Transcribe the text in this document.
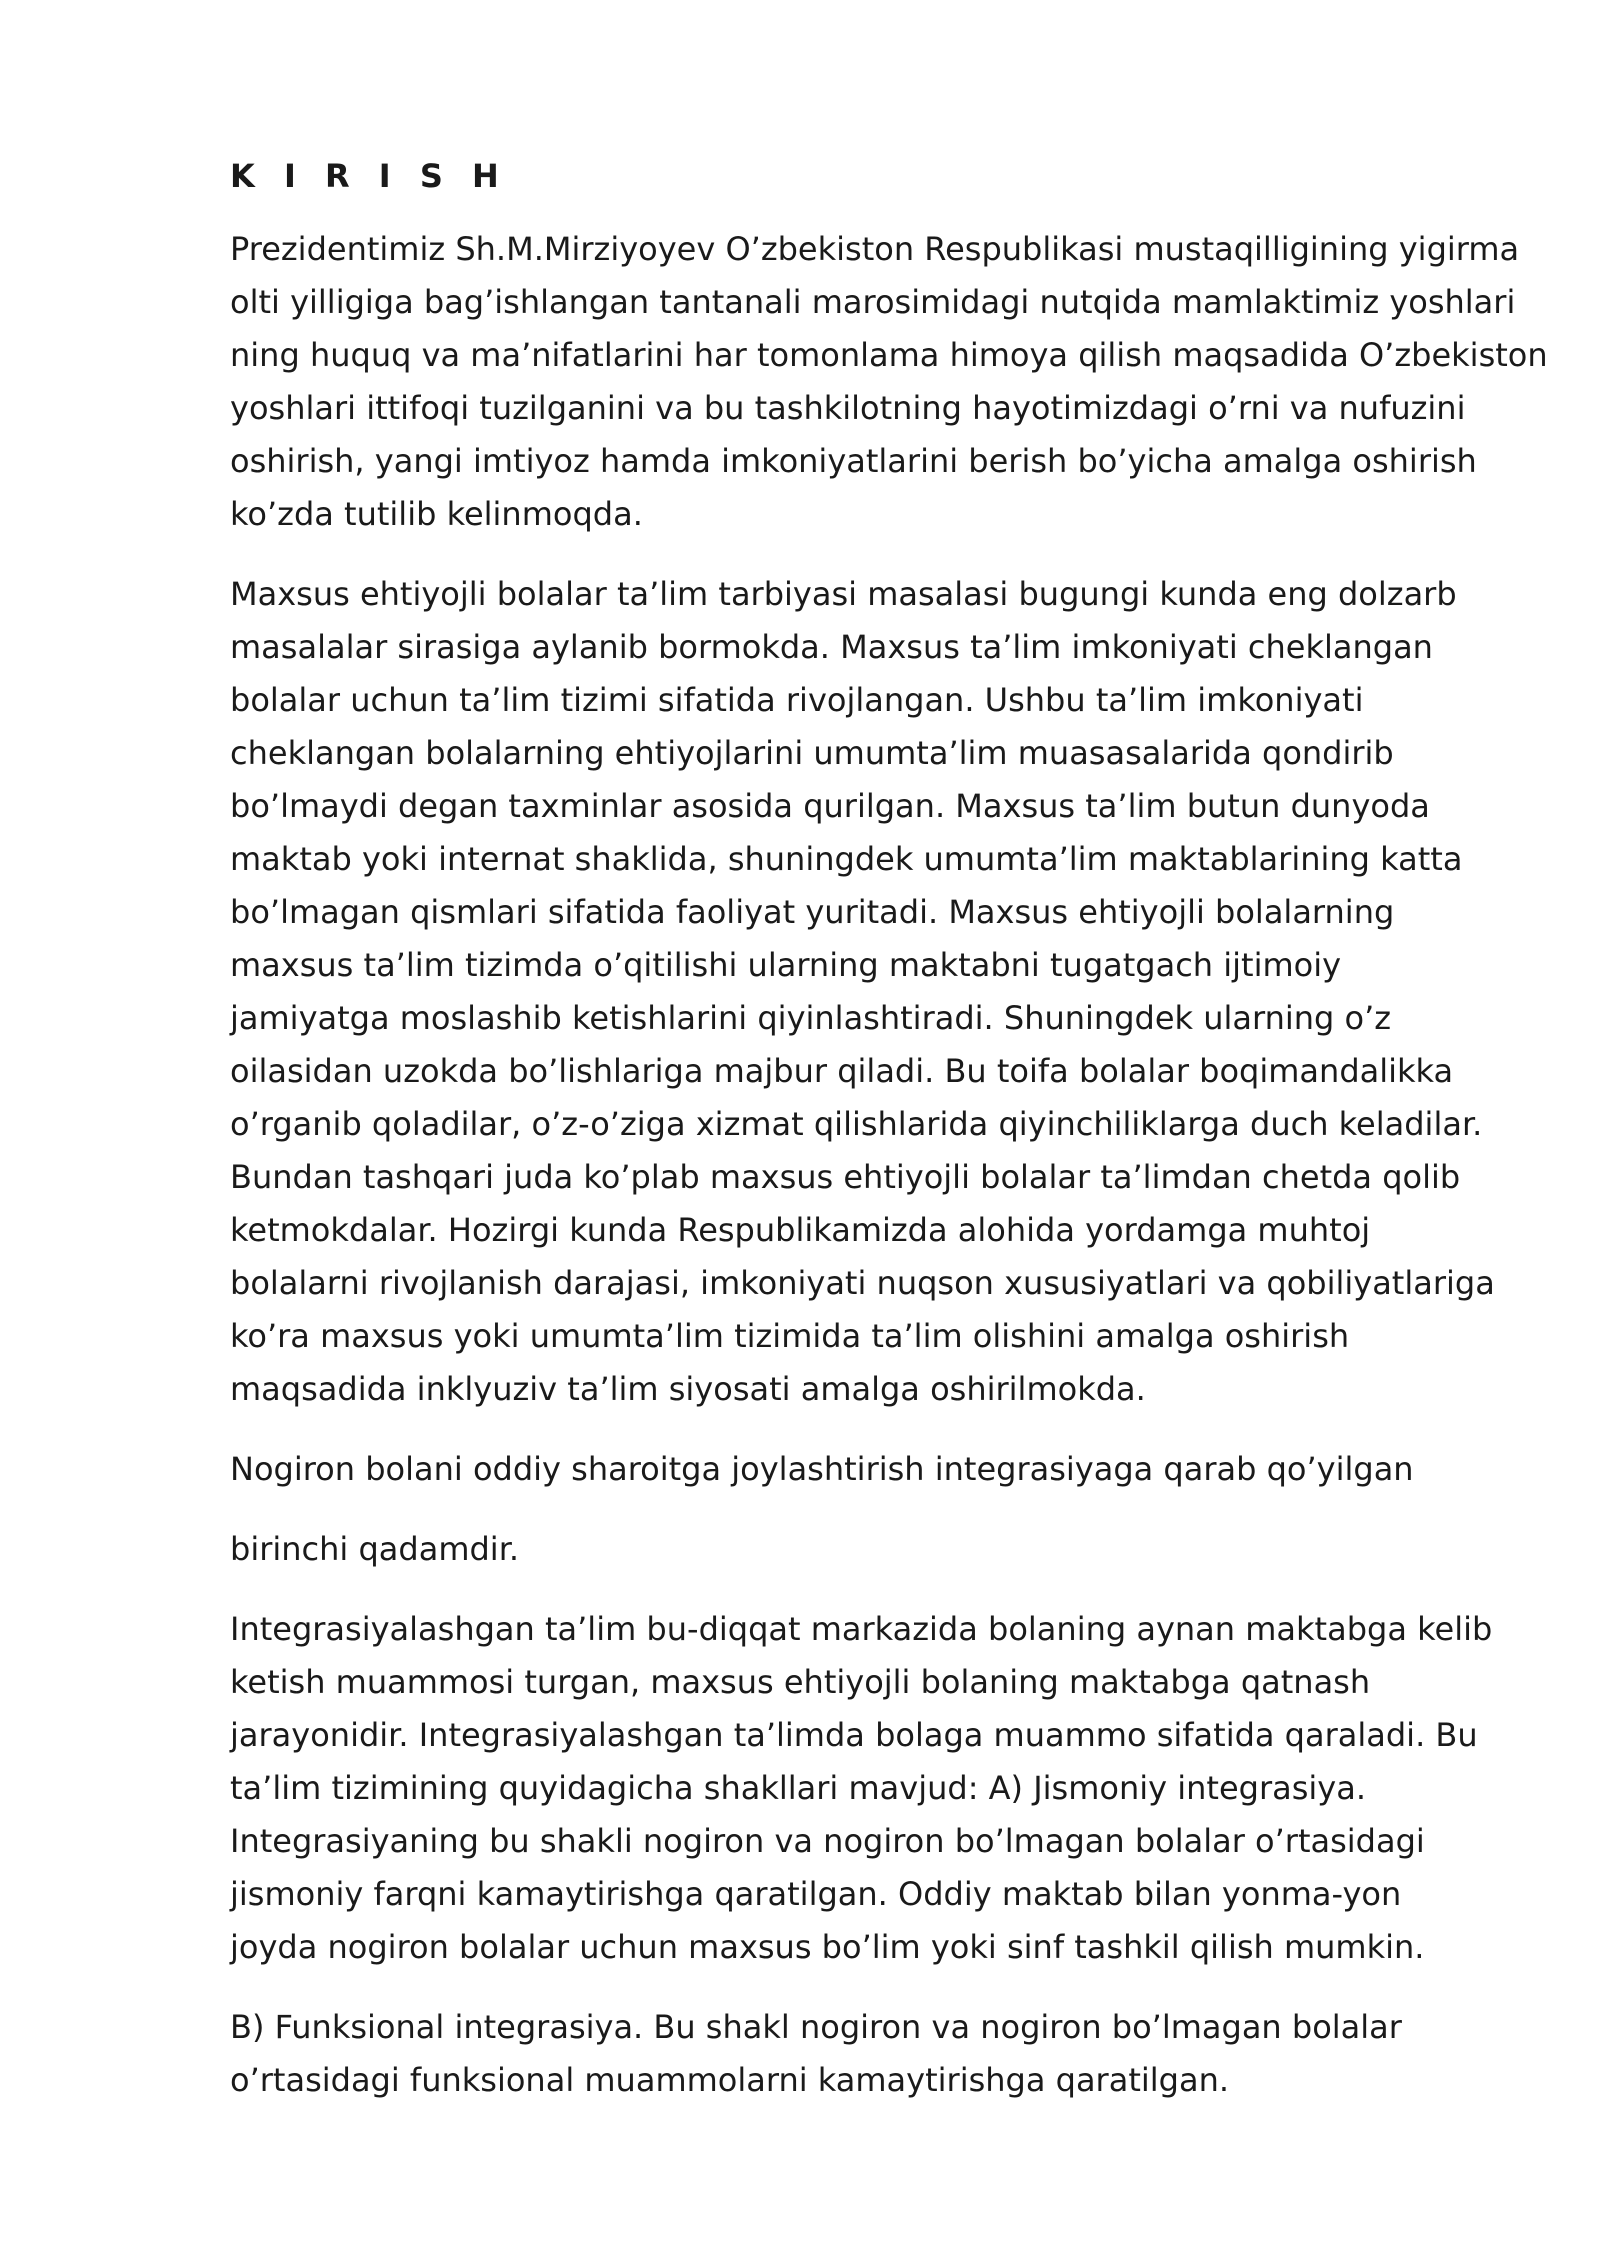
K I R I S H
Prezidentimiz Sh.M.Mirziyoyev O’zbekiston Respublikasi mustaqilligining yigirma
olti yilligiga bag’ishlangan tantanali marosimidagi nutqida mamlaktimiz yoshlari
ning huquq va ma’nifatlarini har tomonlama himoya qilish maqsadida O’zbekiston
yoshlari ittifoqi tuzilganini va bu tashkilotning hayotimizdagi o’rni va nufuzini
oshirish, yangi imtiyoz hamda imkoniyatlarini berish bo’yicha amalga oshirish
ko’zda tutilib kelinmoqda.
Maxsus ehtiyojli bolalar ta’lim tarbiyasi masalasi bugungi kunda eng dolzarb
masalalar sirasiga aylanib bormokda. Maxsus ta’lim imkoniyati cheklangan
bolalar uchun ta’lim tizimi sifatida rivojlangan. Ushbu ta’lim imkoniyati
cheklangan bolalarning ehtiyojlarini umumta’lim muasasalarida qondirib
bo’lmaydi degan taxminlar asosida qurilgan. Maxsus ta’lim butun dunyoda
maktab yoki internat shaklida, shuningdek umumta’lim maktablarining katta
bo’lmagan qismlari sifatida faoliyat yuritadi. Maxsus ehtiyojli bolalarning
maxsus ta’lim tizimda o’qitilishi ularning maktabni tugatgach ijtimoiy
jamiyatga moslashib ketishlarini qiyinlashtiradi. Shuningdek ularning o’z
oilasidan uzokda bo’lishlariga majbur qiladi. Bu toifa bolalar boqimandalikka
o’rganib qoladilar, o’z-o’ziga xizmat qilishlarida qiyinchiliklarga duch keladilar.
Bundan tashqari juda ko’plab maxsus ehtiyojli bolalar ta’limdan chetda qolib
ketmokdalar. Hozirgi kunda Respublikamizda alohida yordamga muhtoj
bolalarni rivojlanish darajasi, imkoniyati nuqson xususiyatlari va qobiliyatlariga
ko’ra maxsus yoki umumta’lim tizimida ta’lim olishini amalga oshirish
maqsadida inklyuziv ta’lim siyosati amalga oshirilmokda.
Nogiron bolani oddiy sharoitga joylashtirish integrasiyaga qarab qo’yilgan
birinchi qadamdir.
Integrasiyalashgan ta’lim bu-diqqat markazida bolaning aynan maktabga kelib
ketish muammosi turgan, maxsus ehtiyojli bolaning maktabga qatnash
jarayonidir. Integrasiyalashgan ta’limda bolaga muammo sifatida qaraladi. Bu
ta’lim tizimining quyidagicha shakllari mavjud: A) Jismoniy integrasiya.
Integrasiyaning bu shakli nogiron va nogiron bo’lmagan bolalar o’rtasidagi
jismoniy farqni kamaytirishga qaratilgan. Oddiy maktab bilan yonma-yon
joyda nogiron bolalar uchun maxsus bo’lim yoki sinf tashkil qilish mumkin.
B) Funksional integrasiya. Bu shakl nogiron va nogiron bo’lmagan bolalar
o’rtasidagi funksional muammolarni kamaytirishga qaratilgan.
